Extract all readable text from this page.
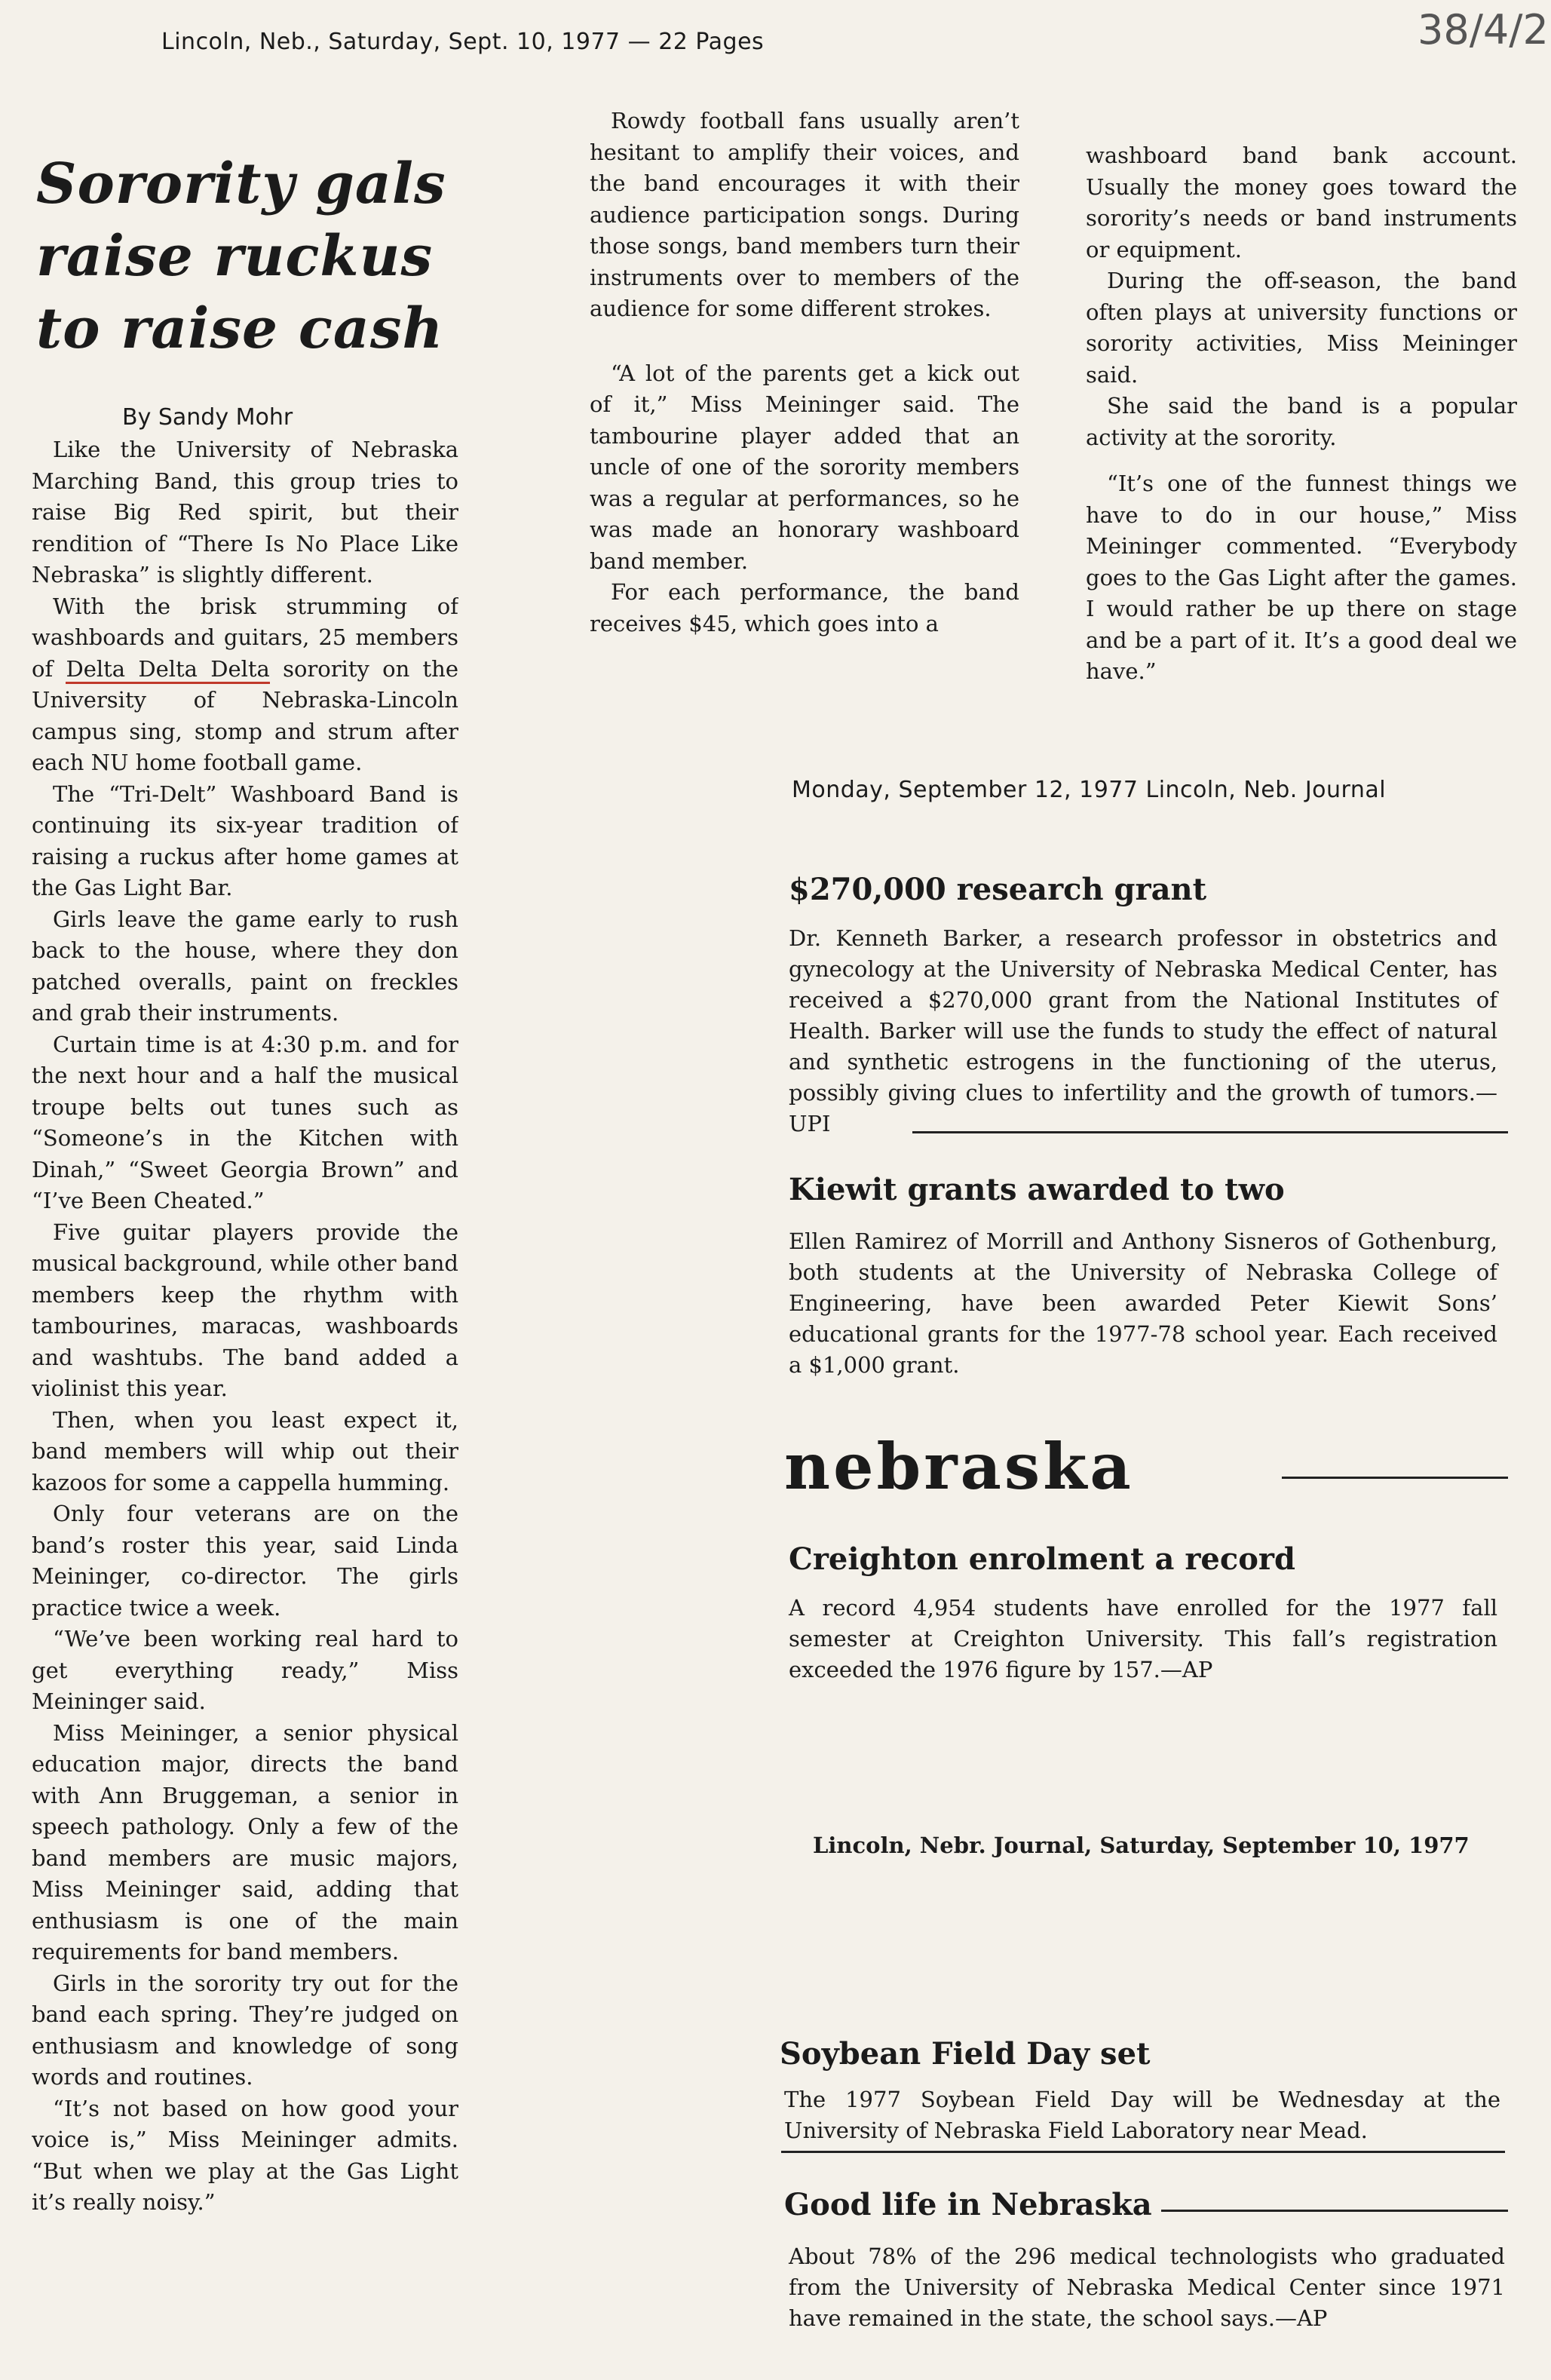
38/4/2
Lincoln, Neb., Saturday, Sept. 10, 1977 — 22 Pages
Sorority gals
raise ruckus
to raise cash
By Sandy Mohr

Like the University of Nebraska Marching Band, this group tries to raise Big Red spirit, but their rendition of “There Is No Place Like Nebraska” is slightly different.

With the brisk strumming of washboards and guitars, 25 members of Delta Delta Delta sorority on the University of Nebraska-Lincoln campus sing, stomp and strum after each NU home football game.

The “Tri-Delt” Washboard Band is continuing its six-year tradition of raising a ruckus after home games at the Gas Light Bar.

Girls leave the game early to rush back to the house, where they don patched overalls, paint on freckles and grab their instruments.

Curtain time is at 4:30 p.m. and for the next hour and a half the musical troupe belts out tunes such as “Someone’s in the Kitchen with Dinah,” “Sweet Georgia Brown” and “I’ve Been Cheated.”

Five guitar players provide the musical background, while other band members keep the rhythm with tambourines, maracas, washboards and washtubs. The band added a violinist this year.

Then, when you least expect it, band members will whip out their kazoos for some a cappella humming.

Only four veterans are on the band’s roster this year, said Linda Meininger, co-director. The girls practice twice a week.

“We’ve been working real hard to get everything ready,” Miss Meininger said.

Miss Meininger, a senior physical education major, directs the band with Ann Bruggeman, a senior in speech pathology. Only a few of the band members are music majors, Miss Meininger said, adding that enthusiasm is one of the main requirements for band members.

Girls in the sorority try out for the band each spring. They’re judged on enthusiasm and knowledge of song words and routines.

“It’s not based on how good your voice is,” Miss Meininger admits. “But when we play at the Gas Light it’s really noisy.”

Rowdy football fans usually aren’t hesitant to amplify their voices, and the band encourages it with their audience participation songs. During those songs, band members turn their instruments over to members of the audience for some different strokes.

“A lot of the parents get a kick out of it,” Miss Meininger said. The tambourine player added that an uncle of one of the sorority members was a regular at performances, so he was made an honorary washboard band member.

For each performance, the band receives $45, which goes into a

washboard band bank account. Usually the money goes toward the sorority’s needs or band instruments or equipment.

During the off-season, the band often plays at university functions or sorority activities, Miss Meininger said.

She said the band is a popular activity at the sorority.

“It’s one of the funnest things we have to do in our house,” Miss Meininger commented. “Everybody goes to the Gas Light after the games. I would rather be up there on stage and be a part of it. It’s a good deal we have.”

Monday, September 12, 1977 Lincoln, Neb. Journal
$270,000 research grant
Dr. Kenneth Barker, a research professor in obstetrics and gynecology at the University of Nebraska Medical Center, has received a $270,000 grant from the National Institutes of Health. Barker will use the funds to study the effect of natural and synthetic estrogens in the functioning of the uterus, possibly giving clues to infertility and the growth of tumors.—UPI
Kiewit grants awarded to two
Ellen Ramirez of Morrill and Anthony Sisneros of Gothenburg, both students at the University of Nebraska College of Engineering, have been awarded Peter Kiewit Sons’ educational grants for the 1977-78 school year. Each received a $1,000 grant.
nebraska
Creighton enrolment a record
A record 4,954 students have enrolled for the 1977 fall semester at Creighton University. This fall’s registration exceeded the 1976 figure by 157.—AP
Lincoln, Nebr. Journal, Saturday, September 10, 1977
Soybean Field Day set
The 1977 Soybean Field Day will be Wednesday at the University of Nebraska Field Laboratory near Mead.
Good life in Nebraska
About 78% of the 296 medical technologists who graduated from the University of Nebraska Medical Center since 1971 have remained in the state, the school says.—AP
